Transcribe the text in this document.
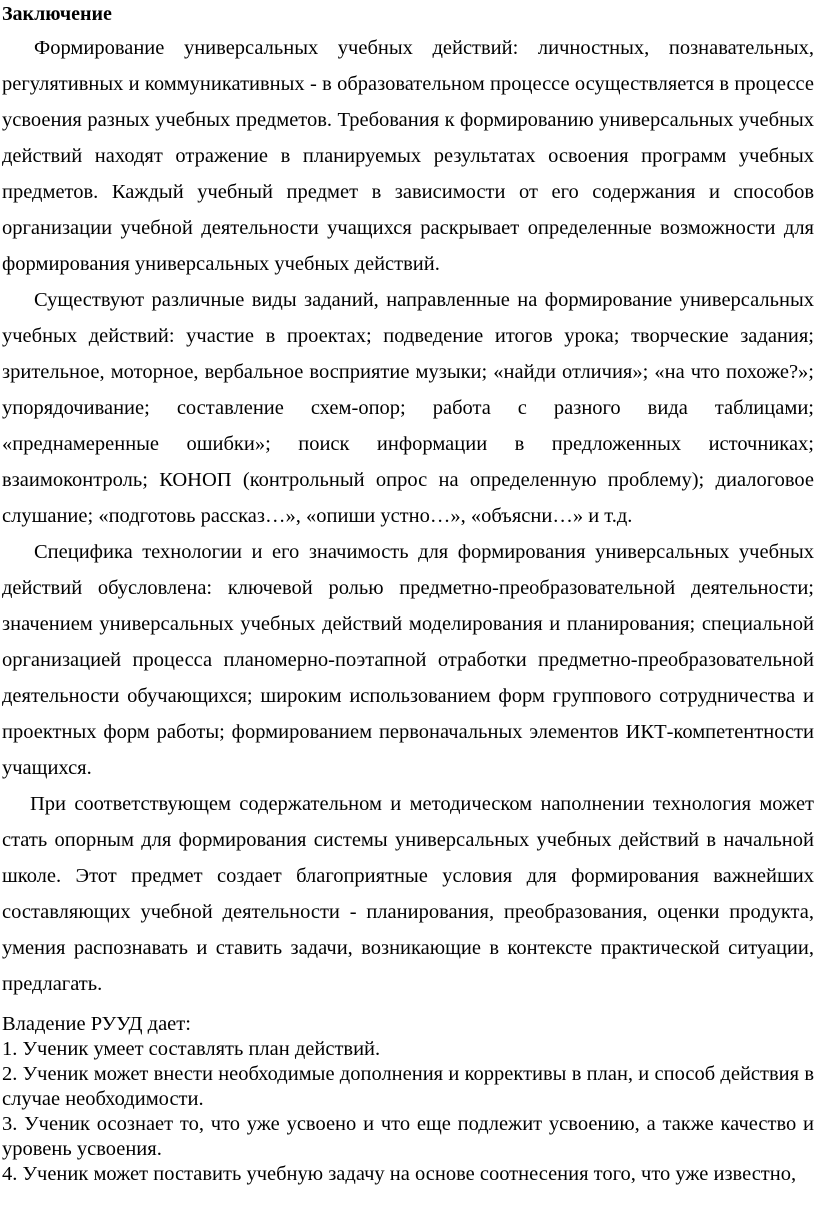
Заключение

Формирование универсальных учебных действий: личностных, познавательных, регулятивных и коммуникативных - в образовательном процессе осуществляется в процессе усвоения разных учебных предметов. Требования к формированию универсальных учебных действий находят отражение в планируемых результатах освоения программ учебных предметов. Каждый учебный предмет в зависимости от его содержания и способов организации учебной деятельности учащихся раскрывает определенные возможности для формирования универсальных учебных действий.

Существуют различные виды заданий, направленные на формирование универсальных учебных действий: участие в проектах; подведение итогов урока; творческие задания; зрительное, моторное, вербальное восприятие музыки; «найди отличия»; «на что похоже?»; упорядочивание; составление схем-опор; работа с разного вида таблицами; «преднамеренные ошибки»; поиск информации в предложенных источниках; взаимоконтроль; КОНОП (контрольный опрос на определенную проблему); диалоговое слушание; «подготовь рассказ…», «опиши устно…», «объясни…» и т.д.

Специфика технологии и его значимость для формирования универсальных учебных действий обусловлена: ключевой ролью предметно-преобразовательной деятельности; значением универсальных учебных действий моделирования и планирования; специальной организацией процесса планомерно-поэтапной отработки предметно-преобразовательной деятельности обучающихся; широким использованием форм группового сотрудничества и проектных форм работы; формированием первоначальных элементов ИКТ-компетентности учащихся.

При соответствующем содержательном и методическом наполнении технология может стать опорным для формирования системы универсальных учебных действий в начальной школе. Этот предмет создает благоприятные условия для формирования важнейших составляющих учебной деятельности - планирования, преобразования, оценки продукта, умения распознавать и ставить задачи, возникающие в контексте практической ситуации, предлагать.

Владение РУУД дает:
1. Ученик умеет составлять план действий.
2. Ученик может внести необходимые дополнения и коррективы в план, и способ действия в случае необходимости.
3. Ученик осознает то, что уже усвоено и что еще подлежит усвоению, а также качество и уровень усвоения.
4. Ученик может поставить учебную задачу на основе соотнесения того, что уже известно,
